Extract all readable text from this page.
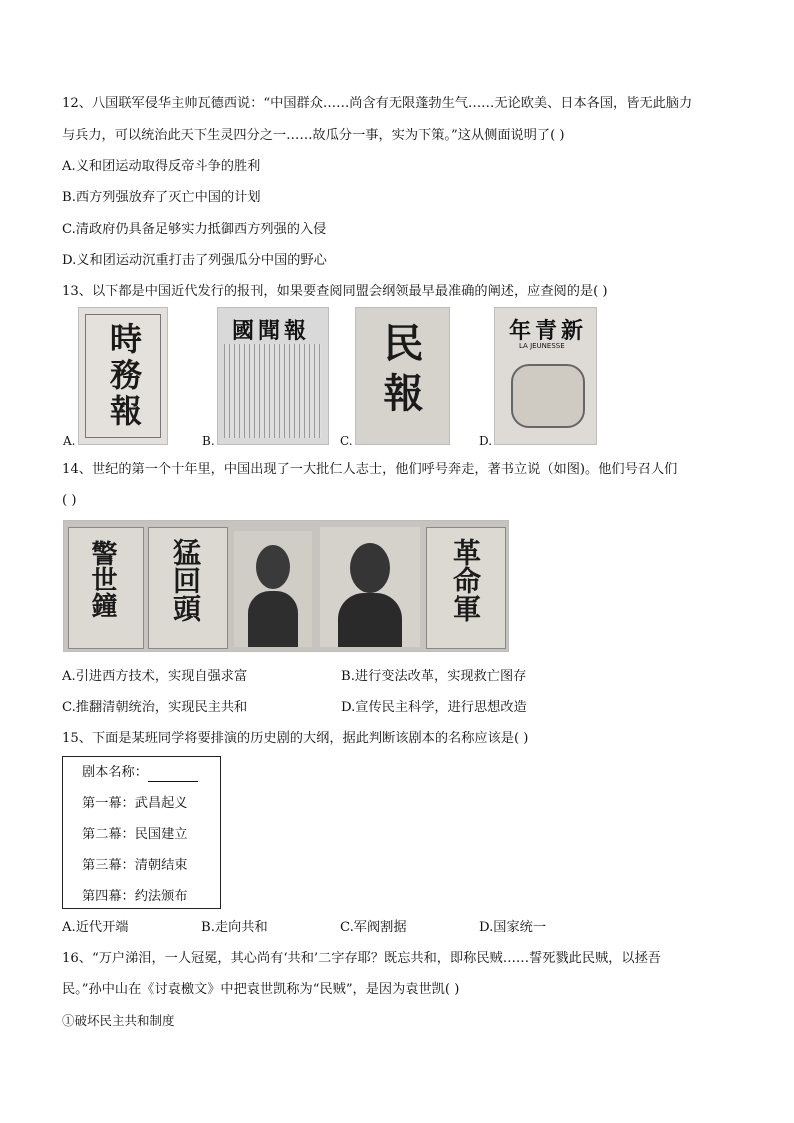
12、八国联军侵华主帅瓦德西说：“中国群众……尚含有无限蓬勃生气……无论欧美、日本各国，皆无此脑力
与兵力，可以统治此天下生灵四分之一……故瓜分一事，实为下策。”这从侧面说明了( )
A.义和团运动取得反帝斗争的胜利
B.西方列强放弃了灭亡中国的计划
C.清政府仍具备足够实力抵御西方列强的入侵
D.义和团运动沉重打击了列强瓜分中国的野心
13、以下都是中国近代发行的报刊，如果要查阅同盟会纲领最早最准确的阐述，应查阅的是( )
時務報
A.
國聞報
B.
民報
C.
年青新
LA JEUNESSE
D.
14、世纪的第一个十年里，中国出现了一大批仁人志士，他们呼号奔走，著书立说（如图)。他们号召人们
( )
警世鐘 猛回頭	革命軍
A.引进西方技术，实现自强求富	B.进行变法改革，实现救亡图存
C.推翻清朝统治，实现民主共和	D.宣传民主科学，进行思想改造
15、下面是某班同学将要排演的历史剧的大纲，据此判断该剧本的名称应该是( )
剧本名称：
第一幕：武昌起义
第二幕：民国建立
第三幕：清朝结束
第四幕：约法颁布
A.近代开端	B.走向共和	C.军阀割据	D.国家统一
16、“万户涕泪，一人冠冕，其心尚有‘共和’二字存耶？既忘共和，即称民贼……誓死戮此民贼，以拯吾
民。”孙中山在《讨袁檄文》中把袁世凯称为“民贼”，是因为袁世凯( )
①破坏民主共和制度
